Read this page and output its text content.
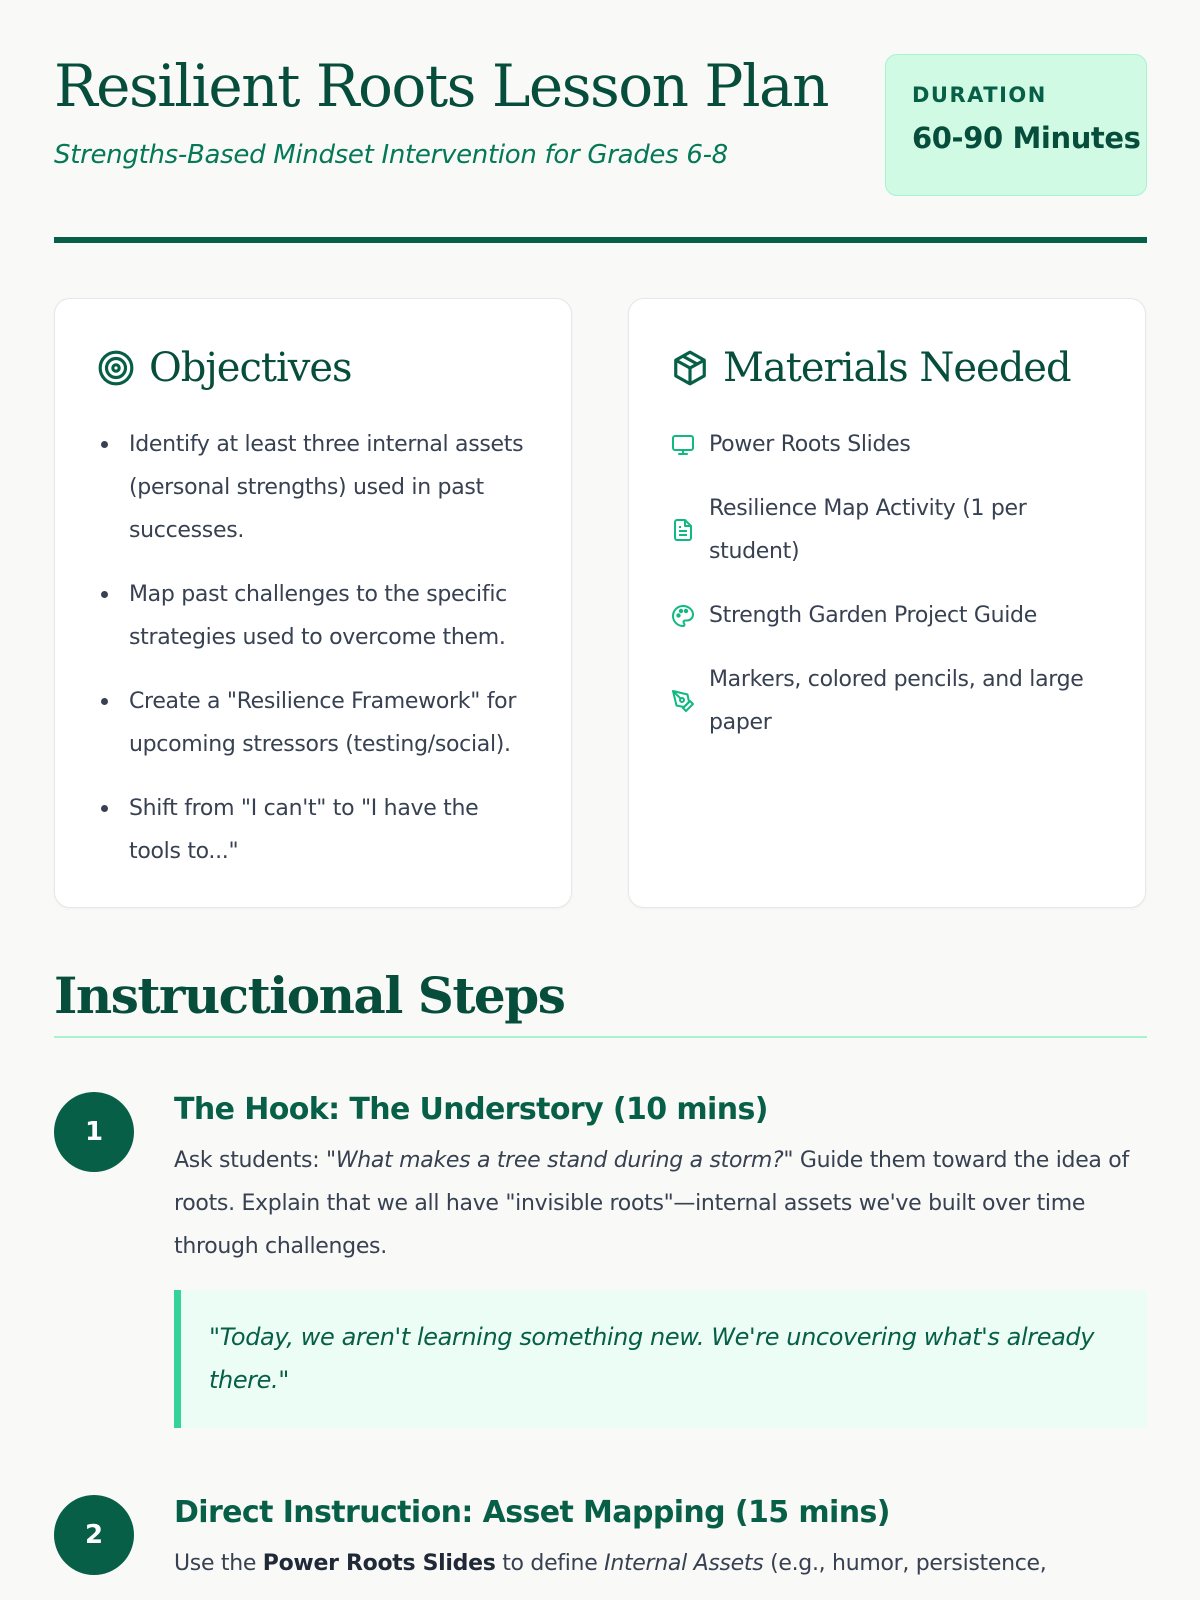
Resilient Roots Lesson Plan
Strengths-Based Mindset Intervention for Grades 6-8
DURATION
60-90 Minutes
Objectives
Identify at least three internal assets (personal strengths) used in past successes.
Map past challenges to the specific strategies used to overcome them.
Create a "Resilience Framework" for upcoming stressors (testing/social).
Shift from "I can't" to "I have the tools to..."
Materials Needed
Power Roots Slides
Resilience Map Activity (1 per student)
Strength Garden Project Guide
Markers, colored pencils, and large paper
Instructional Steps
1
The Hook: The Understory (10 mins)

Ask students: "What makes a tree stand during a storm?" Guide them toward the idea of roots. Explain that we all have "invisible roots"—internal assets we've built over time through challenges.

"Today, we aren't learning something new. We're uncovering what's already there."
2
Direct Instruction: Asset Mapping (15 mins)

Use the Power Roots Slides to define Internal Assets (e.g., humor, persistence,
